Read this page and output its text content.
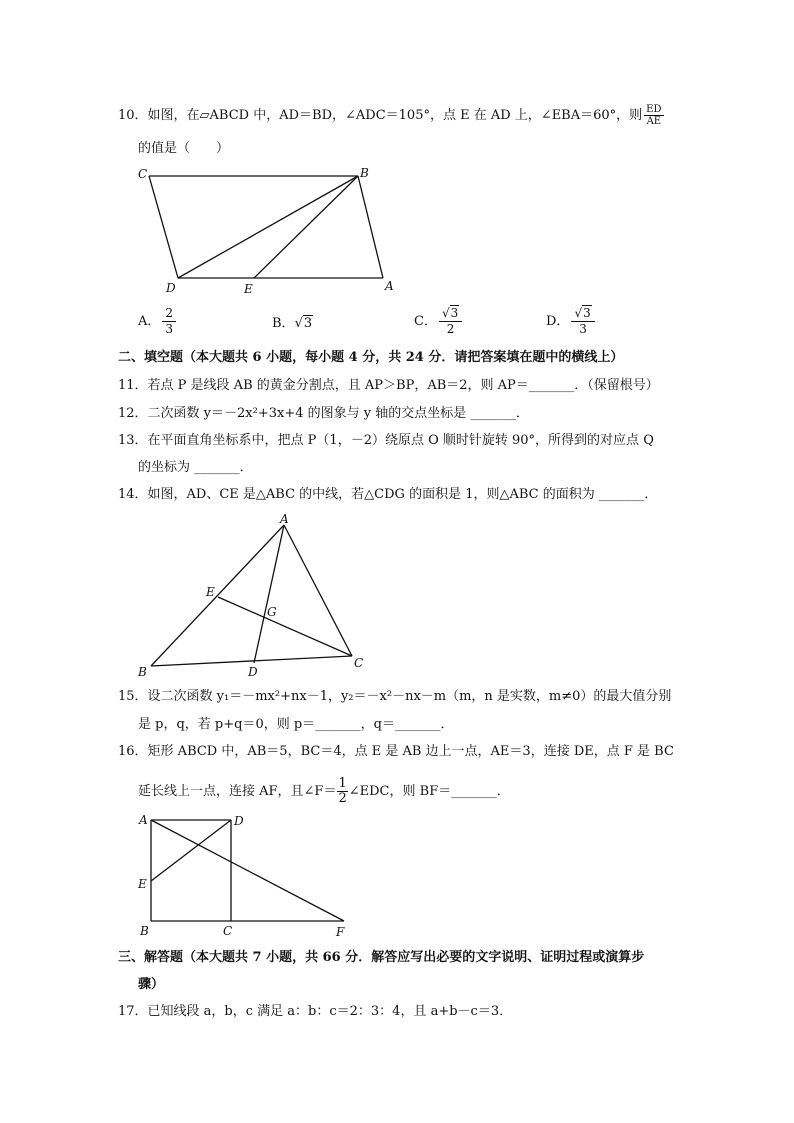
10．如图，在▱ABCD 中，AD＝BD，∠ADC＝105°，点 E 在 AD 上，∠EBA＝60°，则 $\frac{ED}{AE}$
的值是（　　）
C	B
D	E	A
A． $\frac{2}{3}$	B．√3	C． $\frac{√3}{2}$	D． $\frac{√3}{3}$
二、填空题（本大题共 6 小题，每小题 4 分，共 24 分．请把答案填在题中的横线上）
11．若点 P 是线段 AB 的黄金分割点，且 AP＞BP，AB＝2，则 AP＝_______．（保留根号）
12．二次函数 y＝－2x²+3x+4 的图象与 y 轴的交点坐标是 _______．
13．在平面直角坐标系中，把点 P（1，－2）绕原点 O 顺时针旋转 90°，所得到的对应点 Q
的坐标为 _______．
14．如图，AD、CE 是△ABC 的中线，若△CDG 的面积是 1，则△ABC 的面积为 _______．
A
E
G
B	D
C
15．设二次函数 y₁＝－mx²+nx－1，y₂＝－x²－nx－m（m，n 是实数，m≠0）的最大值分别
是 p，q，若 p+q＝0，则 p＝_______，q＝_______．
16．矩形 ABCD 中，AB＝5，BC＝4，点 E 是 AB 边上一点，AE＝3，连接 DE，点 F 是 BC
延长线上一点，连接 AF，且∠F＝ $\frac{1}{2}$ ∠EDC，则 BF＝_______．
A	D
E
B	C	F
三、解答题（本大题共 7 小题，共 66 分．解答应写出必要的文字说明、证明过程或演算步
骤）
17．已知线段 a，b，c 满足 a：b：c＝2：3：4，且 a+b－c＝3．
